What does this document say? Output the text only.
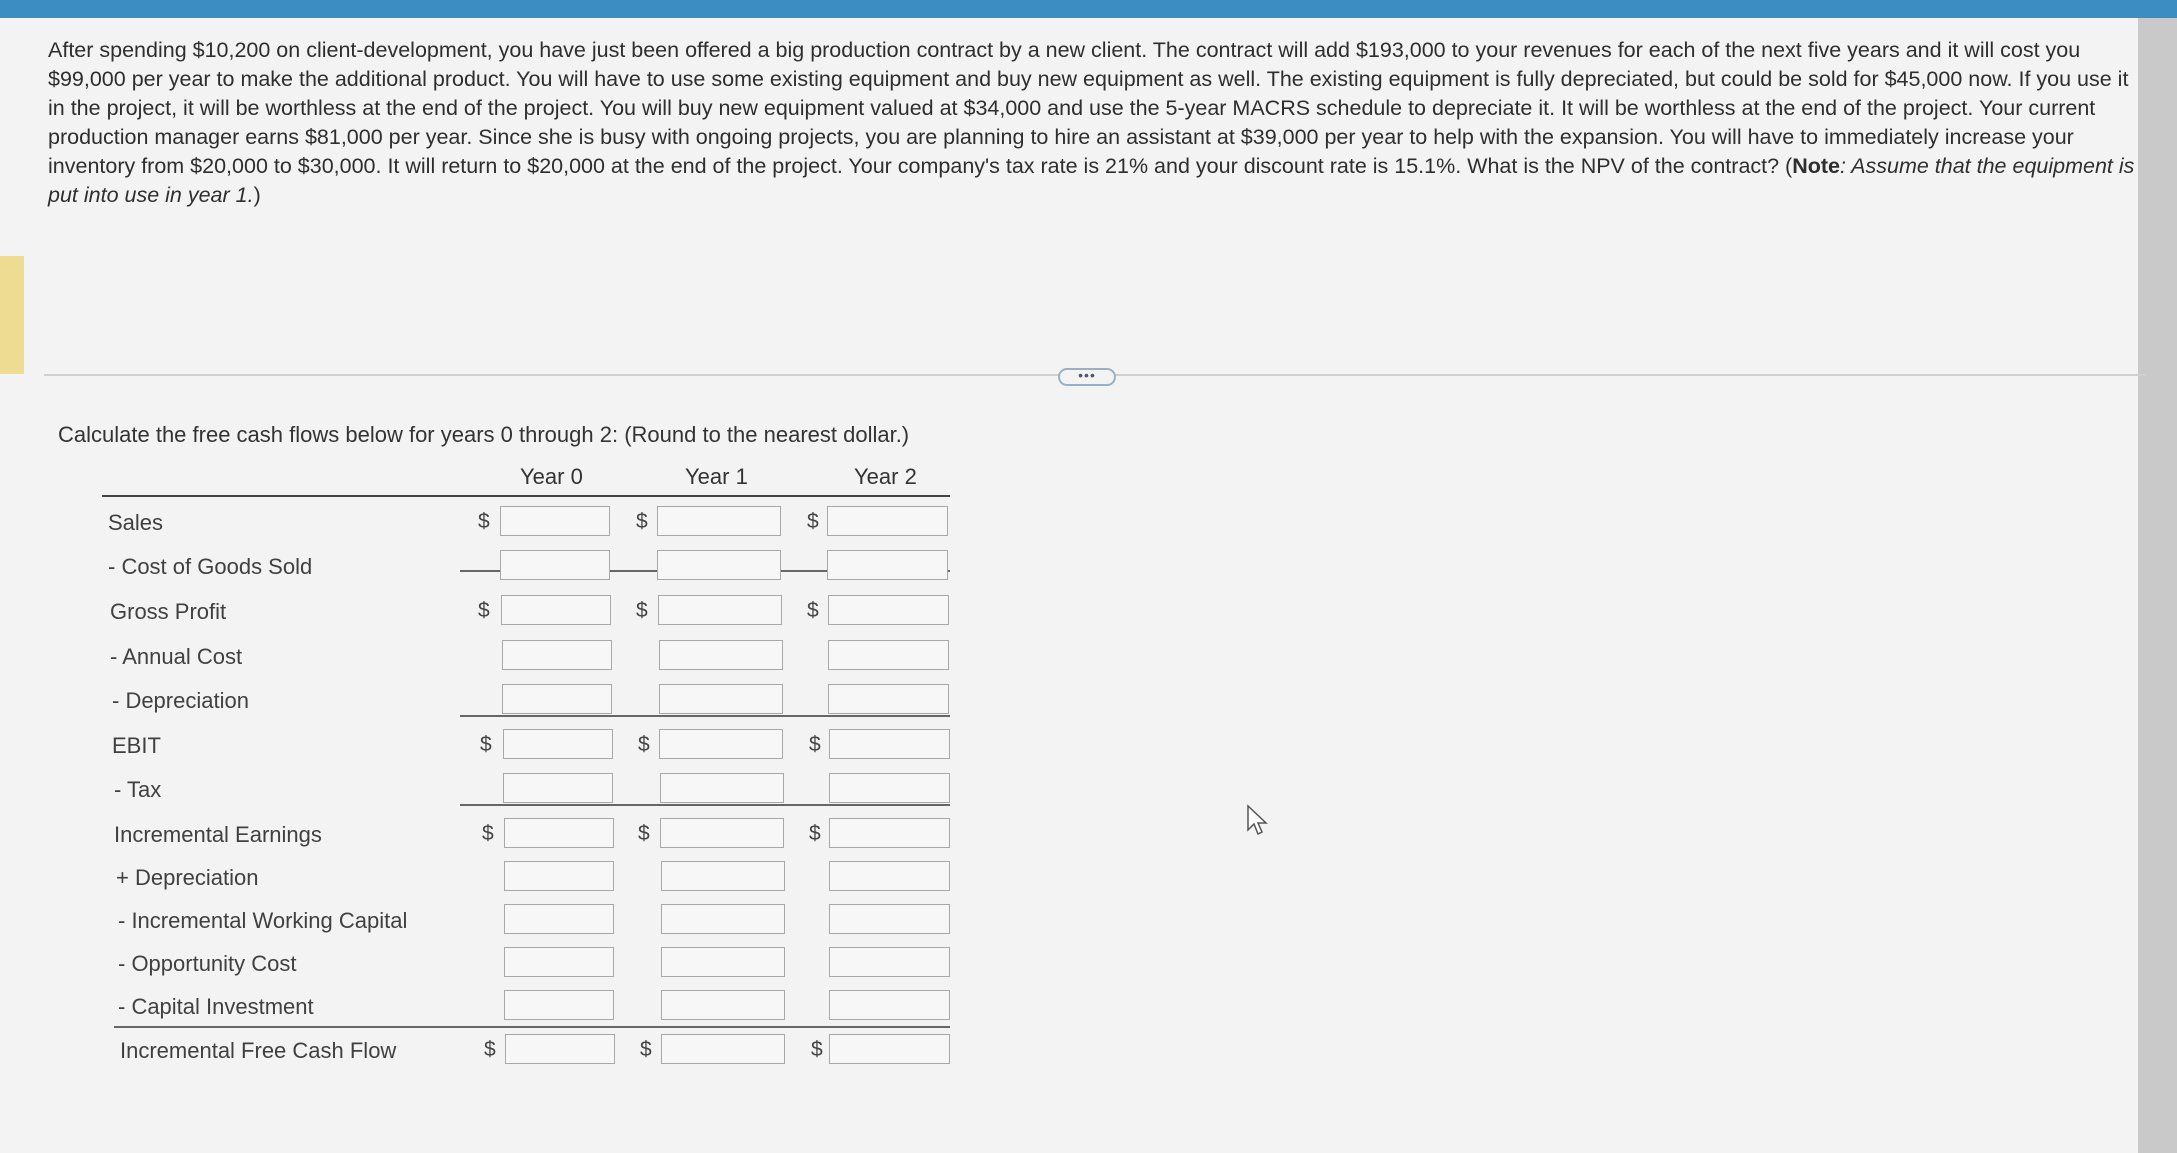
After spending $10,200 on client-development, you have just been offered a big production contract by a new client. The contract will add $193,000 to your revenues for each of the next five years and it will cost you $99,000 per year to make the additional product. You will have to use some existing equipment and buy new equipment as well. The existing equipment is fully depreciated, but could be sold for $45,000 now. If you use it in the project, it will be worthless at the end of the project. You will buy new equipment valued at $34,000 and use the 5-year MACRS schedule to depreciate it. It will be worthless at the end of the project. Your current production manager earns $81,000 per year. Since she is busy with ongoing projects, you are planning to hire an assistant at $39,000 per year to help with the expansion. You will have to immediately increase your inventory from $20,000 to $30,000. It will return to $20,000 at the end of the project. Your company's tax rate is 21% and your discount rate is 15.1%. What is the NPV of the contract? (Note: Assume that the equipment is put into use in year 1.)
•••
Calculate the free cash flows below for years 0 through 2: (Round to the nearest dollar.)
Year 0	Year 1	Year 2
Sales	$	$	$
- Cost of Goods Sold
Gross Profit	$	$	$
- Annual Cost
- Depreciation
EBIT	$	$	$
- Tax
Incremental Earnings	$	$	$
+ Depreciation
- Incremental Working Capital
- Opportunity Cost
- Capital Investment
Incremental Free Cash Flow	$	$	$
